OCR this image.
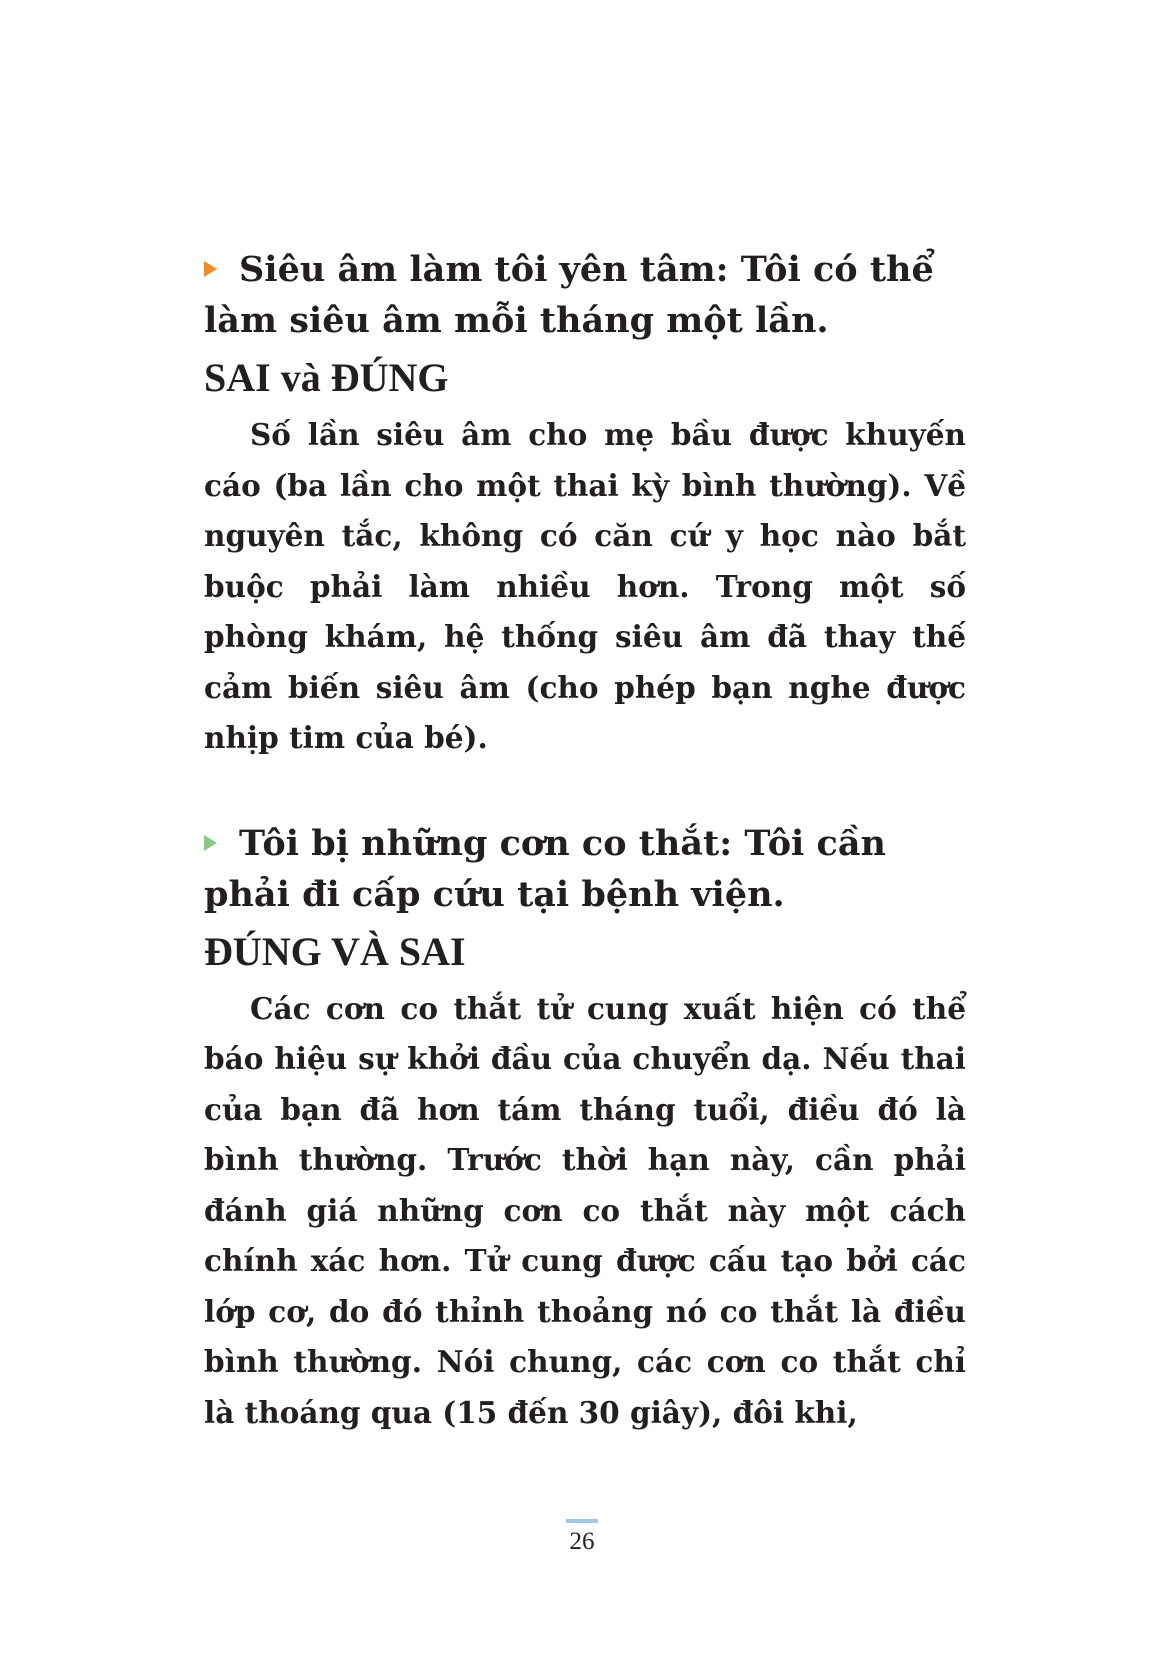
Siêu âm làm tôi yên tâm: Tôi có thể làm siêu âm mỗi tháng một lần.

SAI và ĐÚNG

Số lần siêu âm cho mẹ bầu được khuyến cáo (ba lần cho một thai kỳ bình thường). Về nguyên tắc, không có căn cứ y học nào bắt buộc phải làm nhiều hơn. Trong một số phòng khám, hệ thống siêu âm đã thay thế cảm biến siêu âm (cho phép bạn nghe được nhịp tim của bé).

Tôi bị những cơn co thắt: Tôi cần phải đi cấp cứu tại bệnh viện.

ĐÚNG VÀ SAI

Các cơn co thắt tử cung xuất hiện có thể báo hiệu sự khởi đầu của chuyển dạ. Nếu thai của bạn đã hơn tám tháng tuổi, điều đó là bình thường. Trước thời hạn này, cần phải đánh giá những cơn co thắt này một cách chính xác hơn. Tử cung được cấu tạo bởi các lớp cơ, do đó thỉnh thoảng nó co thắt là điều bình thường. Nói chung, các cơn co thắt chỉ là thoáng qua (15 đến 30 giây), đôi khi,

26
